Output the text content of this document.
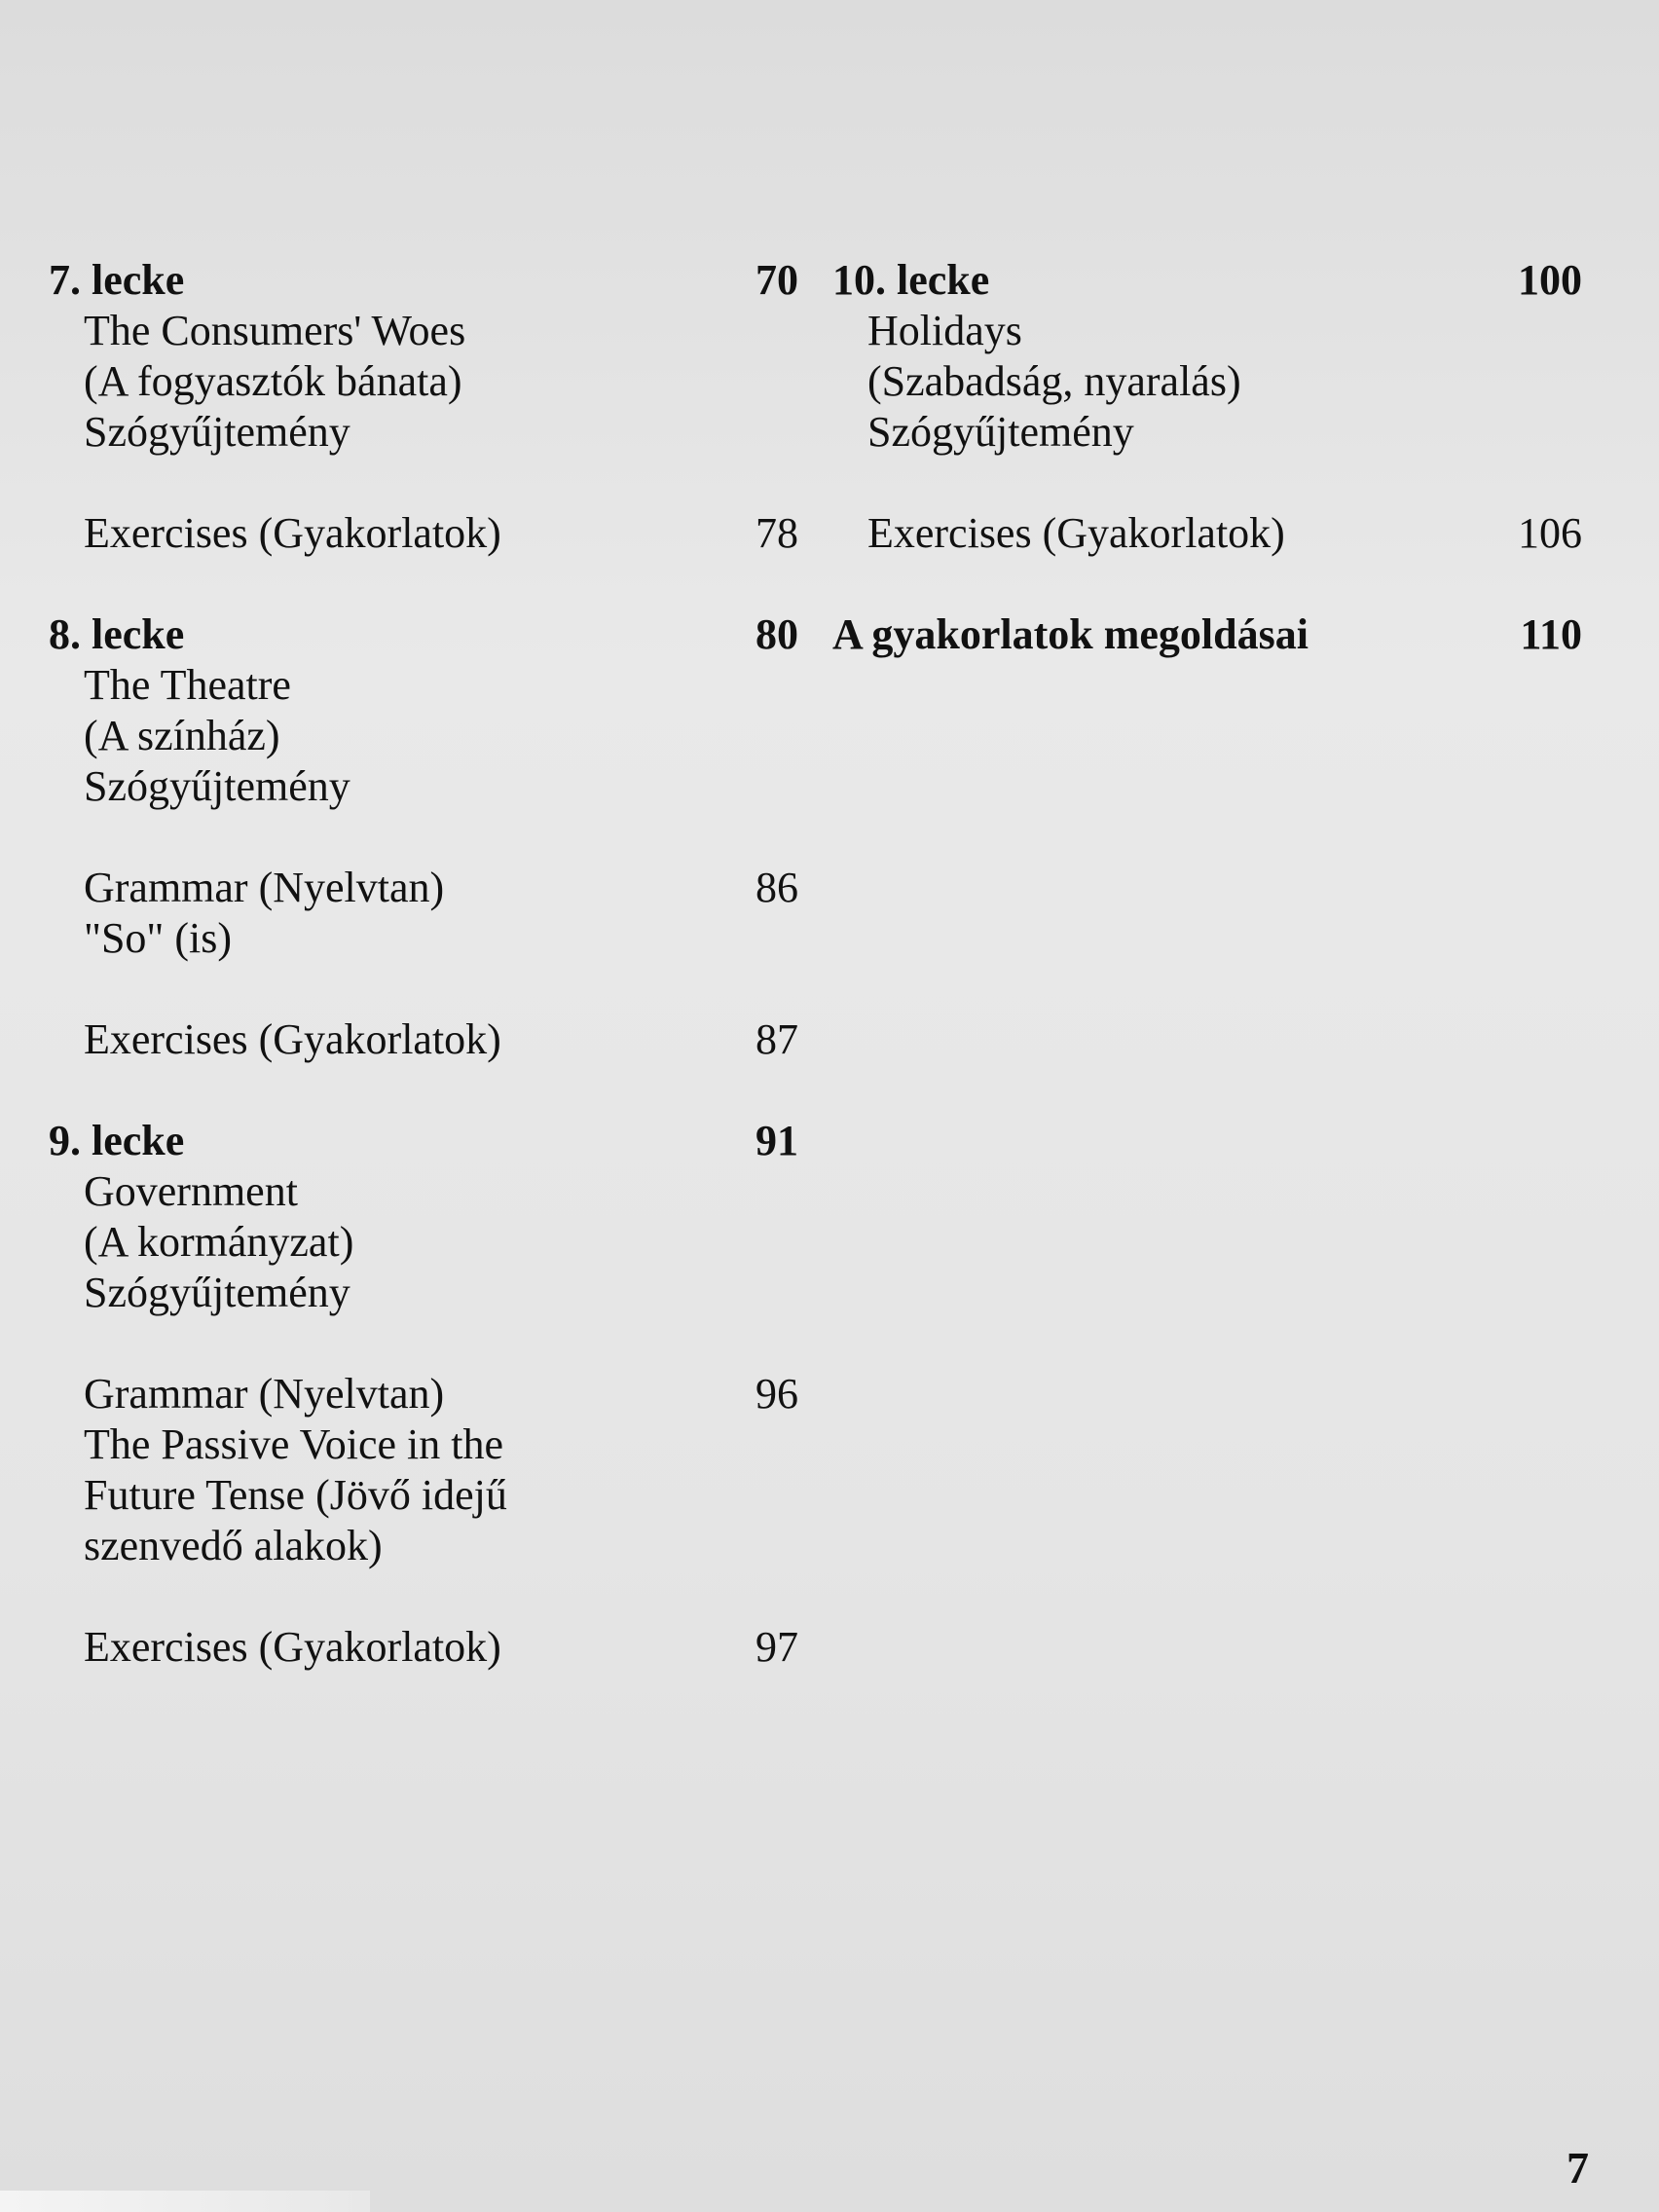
7. lecke	70
The Consumers' Woes
(A fogyasztók bánata)
Szógyűjtemény
Exercises (Gyakorlatok)	78
8. lecke	80
The Theatre
(A színház)
Szógyűjtemény
Grammar (Nyelvtan)	86
"So" (is)
Exercises (Gyakorlatok)	87
9. lecke	91
Government
(A kormányzat)
Szógyűjtemény
Grammar (Nyelvtan)	96
The Passive Voice in the
Future Tense (Jövő idejű
szenvedő alakok)
Exercises (Gyakorlatok)	97
10. lecke	100
Holidays
(Szabadság, nyaralás)
Szógyűjtemény
Exercises (Gyakorlatok)	106
A gyakorlatok megoldásai	110
7
